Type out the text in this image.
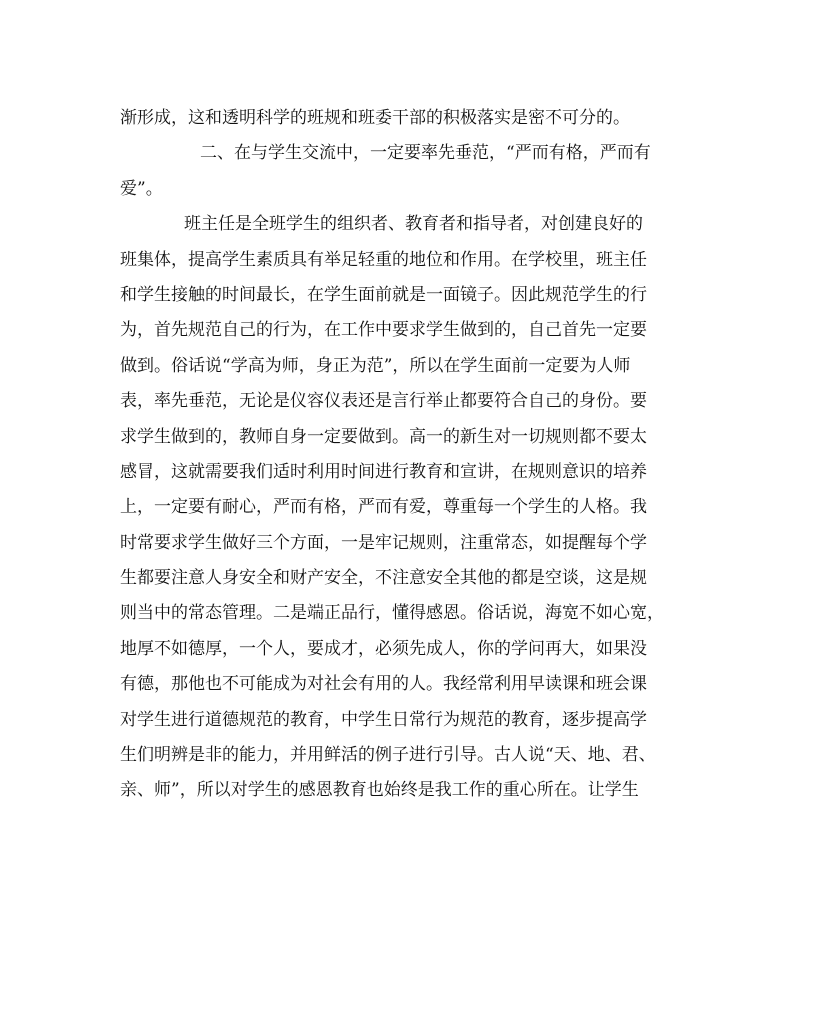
渐形成，这和透明科学的班规和班委干部的积极落实是密不可分的。

二、在与学生交流中，一定要率先垂范，“严而有格，严而有

爱”。

班主任是全班学生的组织者、教育者和指导者，对创建良好的

班集体，提高学生素质具有举足轻重的地位和作用。在学校里，班主任

和学生接触的时间最长，在学生面前就是一面镜子。因此规范学生的行

为，首先规范自己的行为，在工作中要求学生做到的，自己首先一定要

做到。俗话说“学高为师，身正为范”，所以在学生面前一定要为人师

表，率先垂范，无论是仪容仪表还是言行举止都要符合自己的身份。要

求学生做到的，教师自身一定要做到。高一的新生对一切规则都不要太

感冒，这就需要我们适时利用时间进行教育和宣讲，在规则意识的培养

上，一定要有耐心，严而有格，严而有爱，尊重每一个学生的人格。我

时常要求学生做好三个方面，一是牢记规则，注重常态，如提醒每个学

生都要注意人身安全和财产安全，不注意安全其他的都是空谈，这是规

则当中的常态管理。二是端正品行，懂得感恩。俗话说，海宽不如心宽，

地厚不如德厚，一个人，要成才，必须先成人，你的学问再大，如果没

有德，那他也不可能成为对社会有用的人。我经常利用早读课和班会课

对学生进行道德规范的教育，中学生日常行为规范的教育，逐步提高学

生们明辨是非的能力，并用鲜活的例子进行引导。古人说“天、地、君、

亲、师”，所以对学生的感恩教育也始终是我工作的重心所在。让学生
